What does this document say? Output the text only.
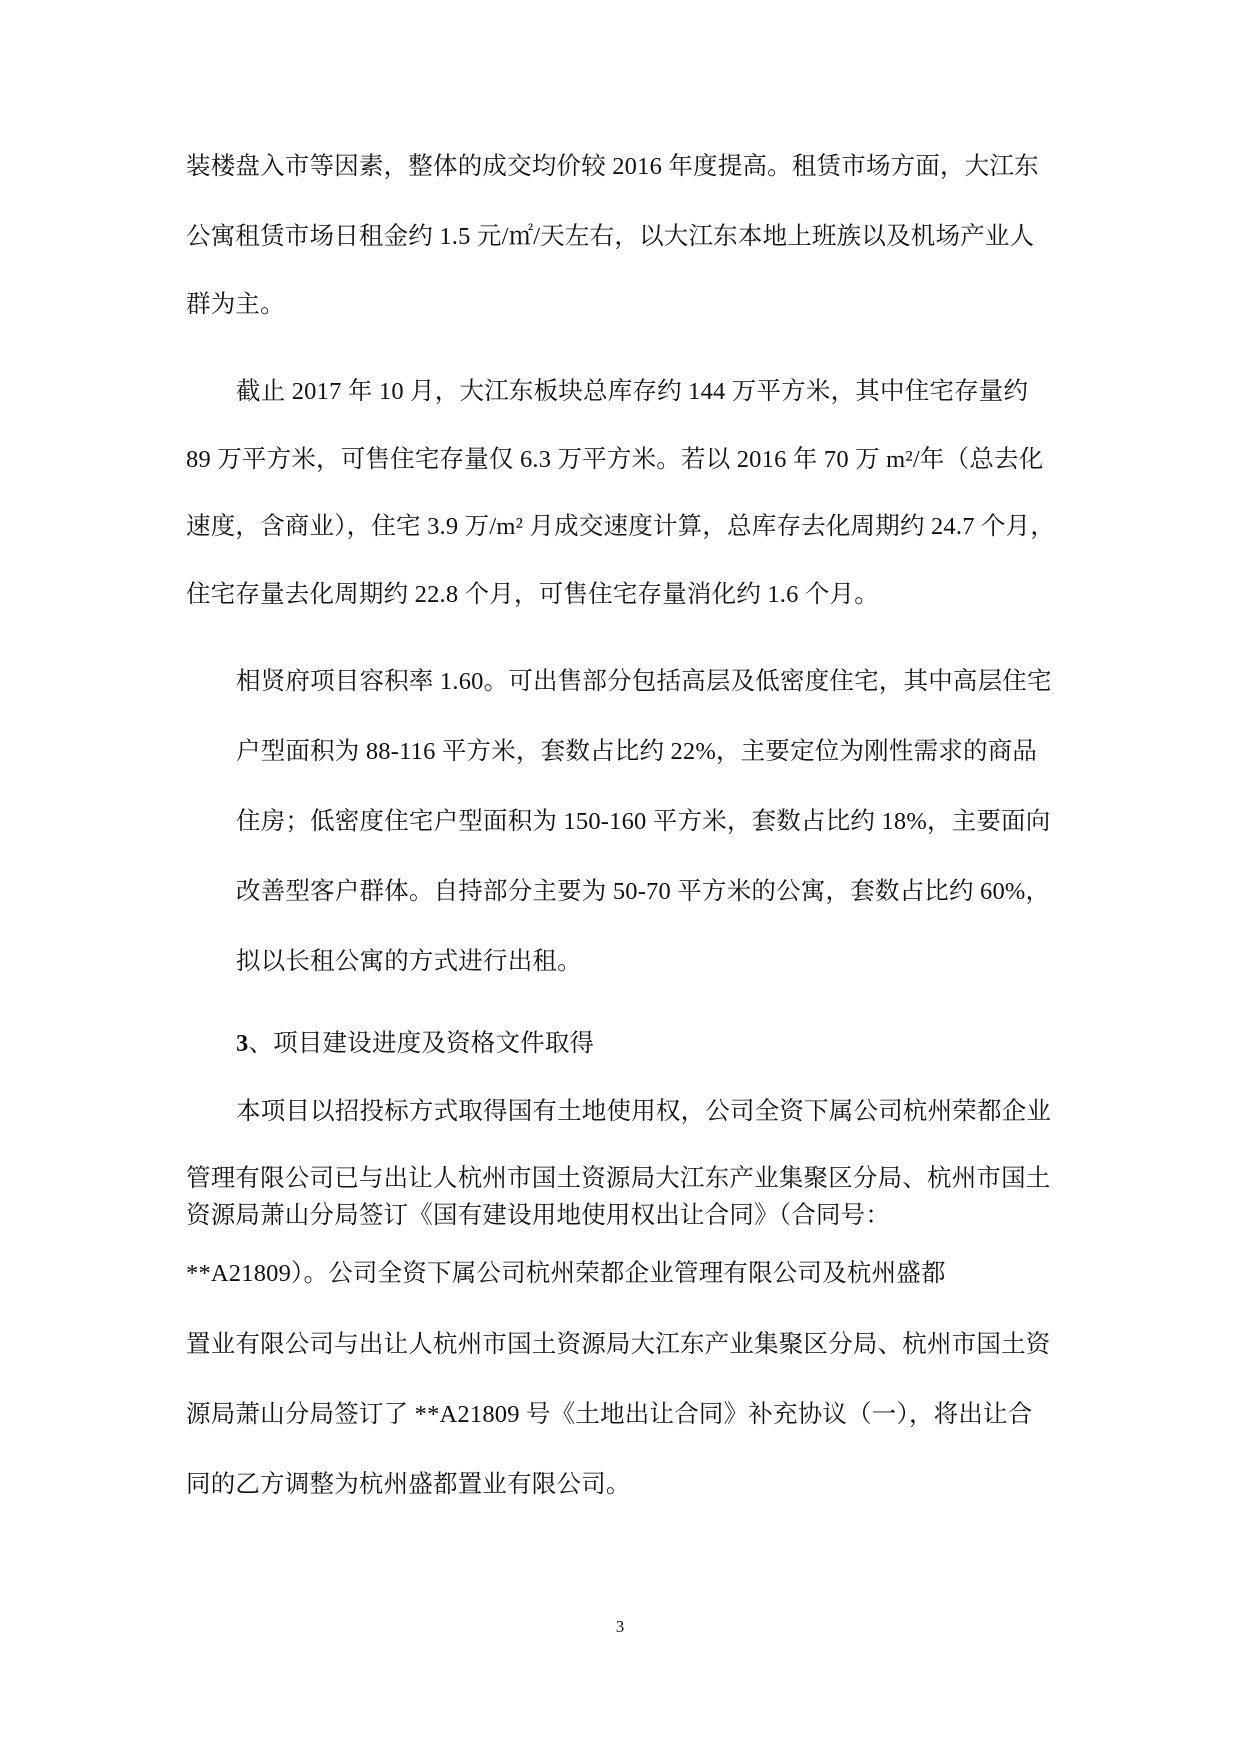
装楼盘入市等因素，整体的成交均价较 2016 年度提高。租赁市场方面，大江东
公寓租赁市场日租金约 1.5 元/㎡/天左右，以大江东本地上班族以及机场产业人
群为主。
截止 2017 年 10 月，大江东板块总库存约 144 万平方米，其中住宅存量约
89 万平方米，可售住宅存量仅 6.3 万平方米。若以 2016 年 70 万 m²/年（总去化
速度，含商业），住宅 3.9 万/m² 月成交速度计算，总库存去化周期约 24.7 个月，
住宅存量去化周期约 22.8 个月，可售住宅存量消化约 1.6 个月。
相贤府项目容积率 1.60。可出售部分包括高层及低密度住宅，其中高层住宅
户型面积为 88-116 平方米，套数占比约 22%，主要定位为刚性需求的商品
住房；低密度住宅户型面积为 150-160 平方米，套数占比约 18%，主要面向
改善型客户群体。自持部分主要为 50-70 平方米的公寓，套数占比约 60%，
拟以长租公寓的方式进行出租。
3、项目建设进度及资格文件取得
本项目以招投标方式取得国有土地使用权，公司全资下属公司杭州荣都企业
管理有限公司已与出让人杭州市国土资源局大江东产业集聚区分局、杭州市国土
资源局萧山分局签订《国有建设用地使用权出让合同》（合同号：
**A21809）。公司全资下属公司杭州荣都企业管理有限公司及杭州盛都
置业有限公司与出让人杭州市国土资源局大江东产业集聚区分局、杭州市国土资
源局萧山分局签订了 **A21809 号《土地出让合同》补充协议（一），将出让合
同的乙方调整为杭州盛都置业有限公司。
3
